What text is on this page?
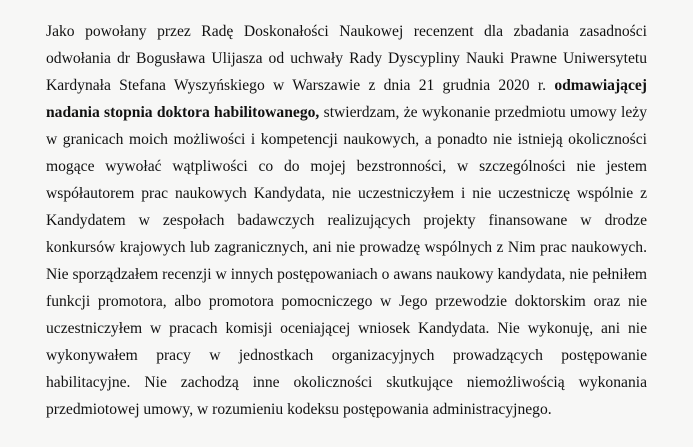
Jako powołany przez Radę Doskonałości Naukowej recenzent dla zbadania zasadności
odwołania dr Bogusława Ulijasza od uchwały Rady Dyscypliny Nauki Prawne Uniwersytetu
Kardynała Stefana Wyszyńskiego w Warszawie z dnia 21 grudnia 2020 r. odmawiającej
nadania stopnia doktora habilitowanego, stwierdzam, że wykonanie przedmiotu umowy leży
w granicach moich możliwości i kompetencji naukowych, a ponadto nie istnieją okoliczności
mogące wywołać wątpliwości co do mojej bezstronności, w szczególności nie jestem
współautorem prac naukowych Kandydata, nie uczestniczyłem i nie uczestniczę wspólnie z
Kandydatem w zespołach badawczych realizujących projekty finansowane w drodze
konkursów krajowych lub zagranicznych, ani nie prowadzę wspólnych z Nim prac naukowych.
Nie sporządzałem recenzji w innych postępowaniach o awans naukowy kandydata, nie pełniłem
funkcji promotora, albo promotora pomocniczego w Jego przewodzie doktorskim oraz nie
uczestniczyłem w pracach komisji oceniającej wniosek Kandydata. Nie wykonuję, ani nie
wykonywałem pracy w jednostkach organizacyjnych prowadzących postępowanie
habilitacyjne. Nie zachodzą inne okoliczności skutkujące niemożliwością wykonania
przedmiotowej umowy, w rozumieniu kodeksu postępowania administracyjnego.
